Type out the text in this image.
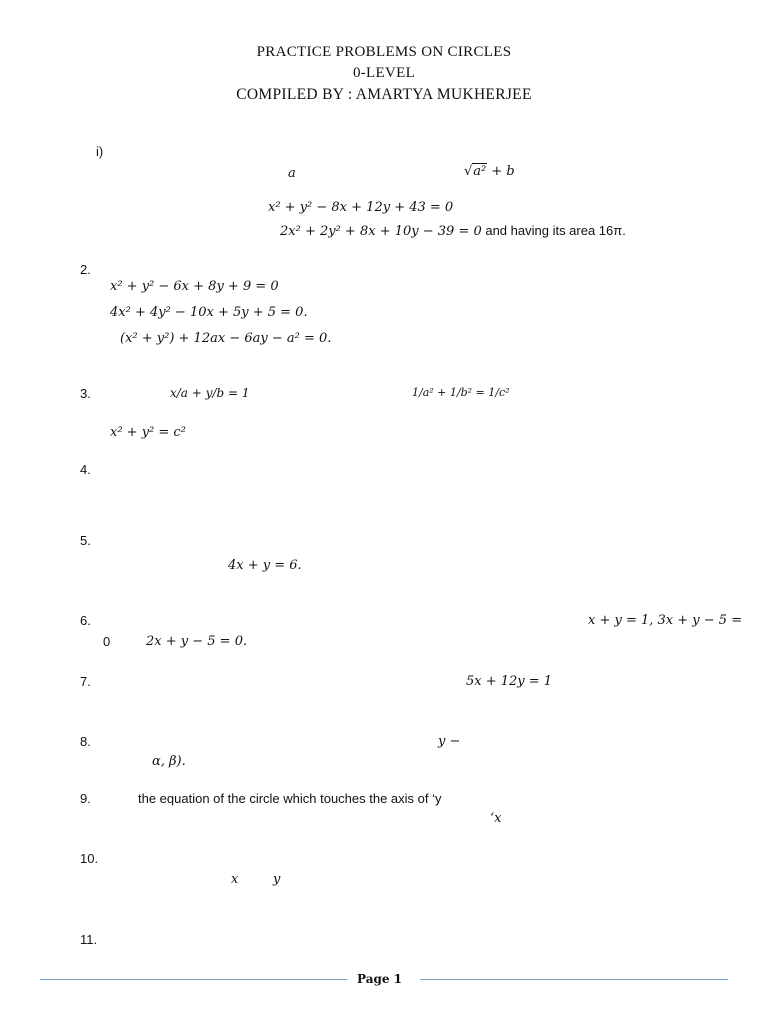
PRACTICE PROBLEMS ON CIRCLES
0-LEVEL
COMPILED BY : AMARTYA MUKHERJEE
i)
a	√a² + b
x² + y² − 8x + 12y + 43 = 0
2x² + 2y² + 8x + 10y − 39 = 0 and having its area 16π.
2.
x² + y² − 6x + 8y + 9 = 0
4x² + 4y² − 10x + 5y + 5 = 0.
(x² + y²) + 12ax − 6ay − a² = 0.
3.	x/a + y/b = 1	1/a² + 1/b² = 1/c²
x² + y² = c²
4.
5.
4x + y = 6.
6.	x + y = 1, 3x + y − 5 =
0	2x + y − 5 = 0.
7.	5x + 12y = 1
8.	y −
α, β).
9.	the equation of the circle which touches the axis of ‘y
‘x
10.
x	y
11.
Page 1
